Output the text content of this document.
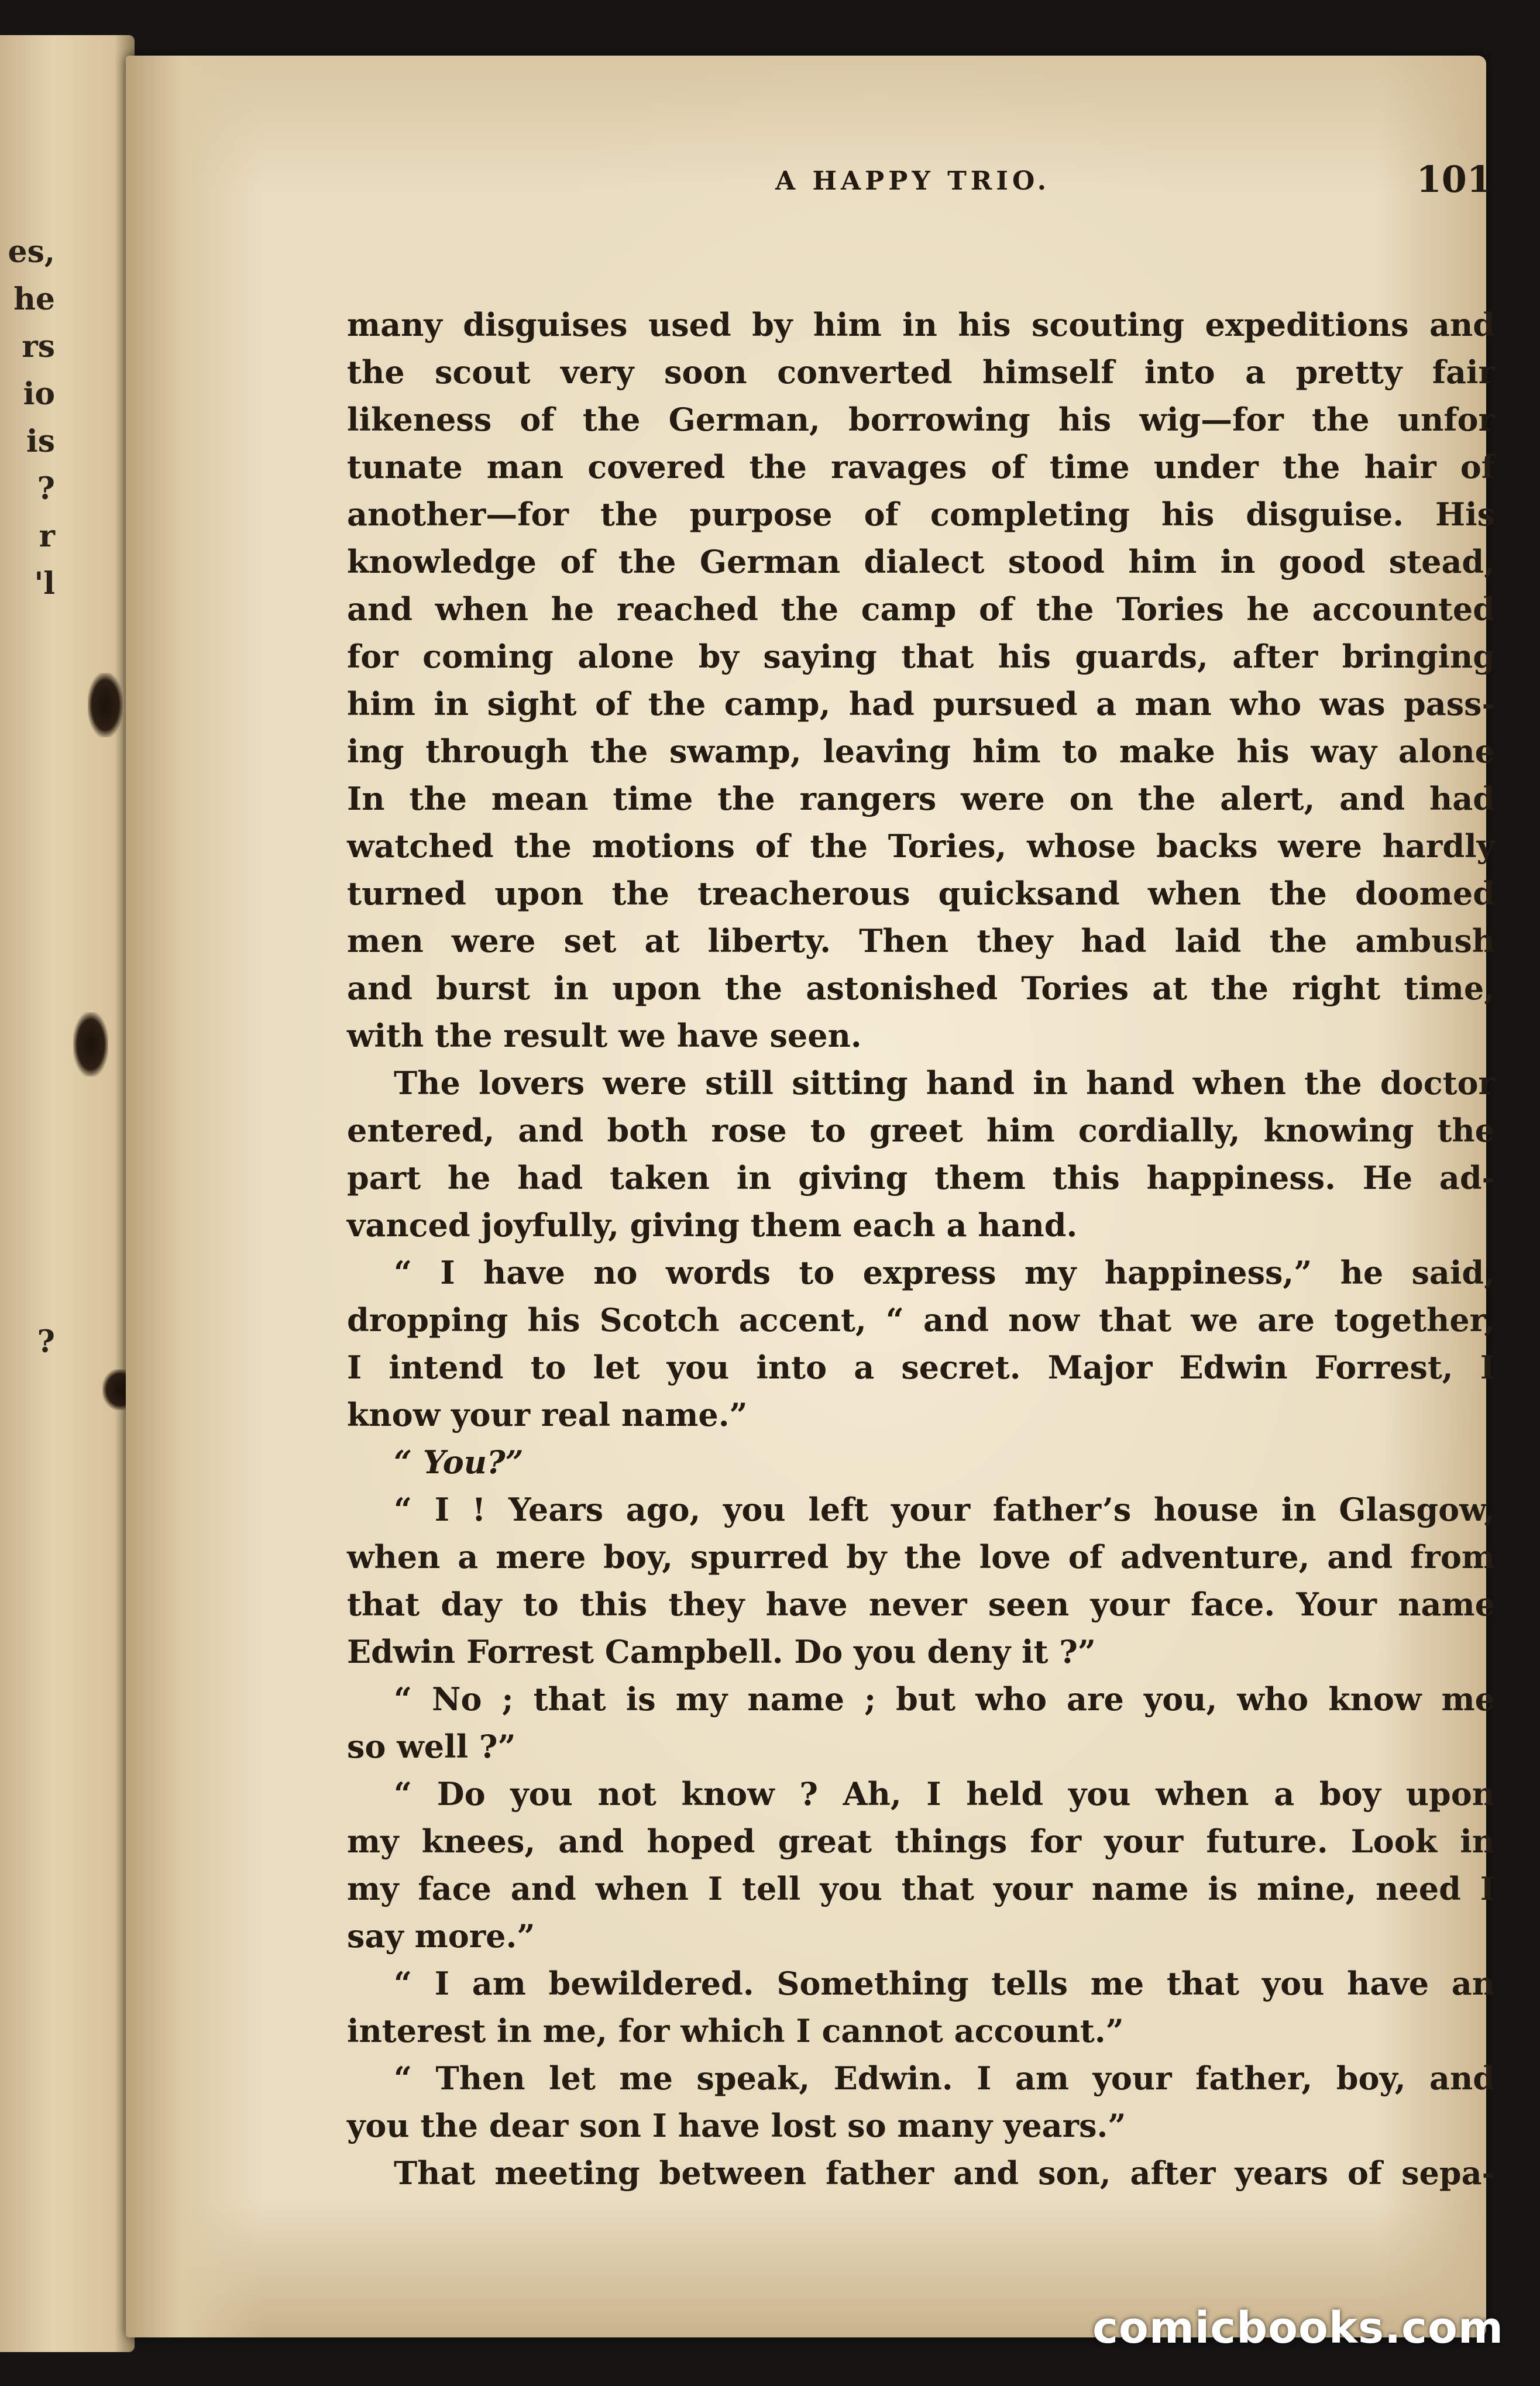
es,
he
rs
io
is
?
r
'l
?
A HAPPY TRIO.	101
many disguises used by him in his scouting expeditions and
the scout very soon converted himself into a pretty fair
likeness of the German, borrowing his wig—for the unfor
tunate man covered the ravages of time under the hair of
another—for the purpose of completing his disguise. His
knowledge of the German dialect stood him in good stead,
and when he reached the camp of the Tories he accounted
for coming alone by saying that his guards, after bringing
him in sight of the camp, had pursued a man who was pass-
ing through the swamp, leaving him to make his way alone
In the mean time the rangers were on the alert, and had
watched the motions of the Tories, whose backs were hardly
turned upon the treacherous quicksand when the doomed
men were set at liberty. Then they had laid the ambush
and burst in upon the astonished Tories at the right time,
with the result we have seen.
The lovers were still sitting hand in hand when the doctor
entered, and both rose to greet him cordially, knowing the
part he had taken in giving them this happiness. He ad-
vanced joyfully, giving them each a hand.
“ I have no words to express my happiness,” he said,
dropping his Scotch accent, “ and now that we are together,
I intend to let you into a secret. Major Edwin Forrest, I
know your real name.”
“ You?”
“ I ! Years ago, you left your father’s house in Glasgow,
when a mere boy, spurred by the love of adventure, and from
that day to this they have never seen your face. Your name
Edwin Forrest Campbell. Do you deny it ?”
“ No ; that is my name ; but who are you, who know me
so well ?”
“ Do you not know ? Ah, I held you when a boy upon
my knees, and hoped great things for your future. Look in
my face and when I tell you that your name is mine, need I
say more.”
“ I am bewildered. Something tells me that you have an
interest in me, for which I cannot account.”
“ Then let me speak, Edwin. I am your father, boy, and
you the dear son I have lost so many years.”
That meeting between father and son, after years of sepa-
comicbooks.com
